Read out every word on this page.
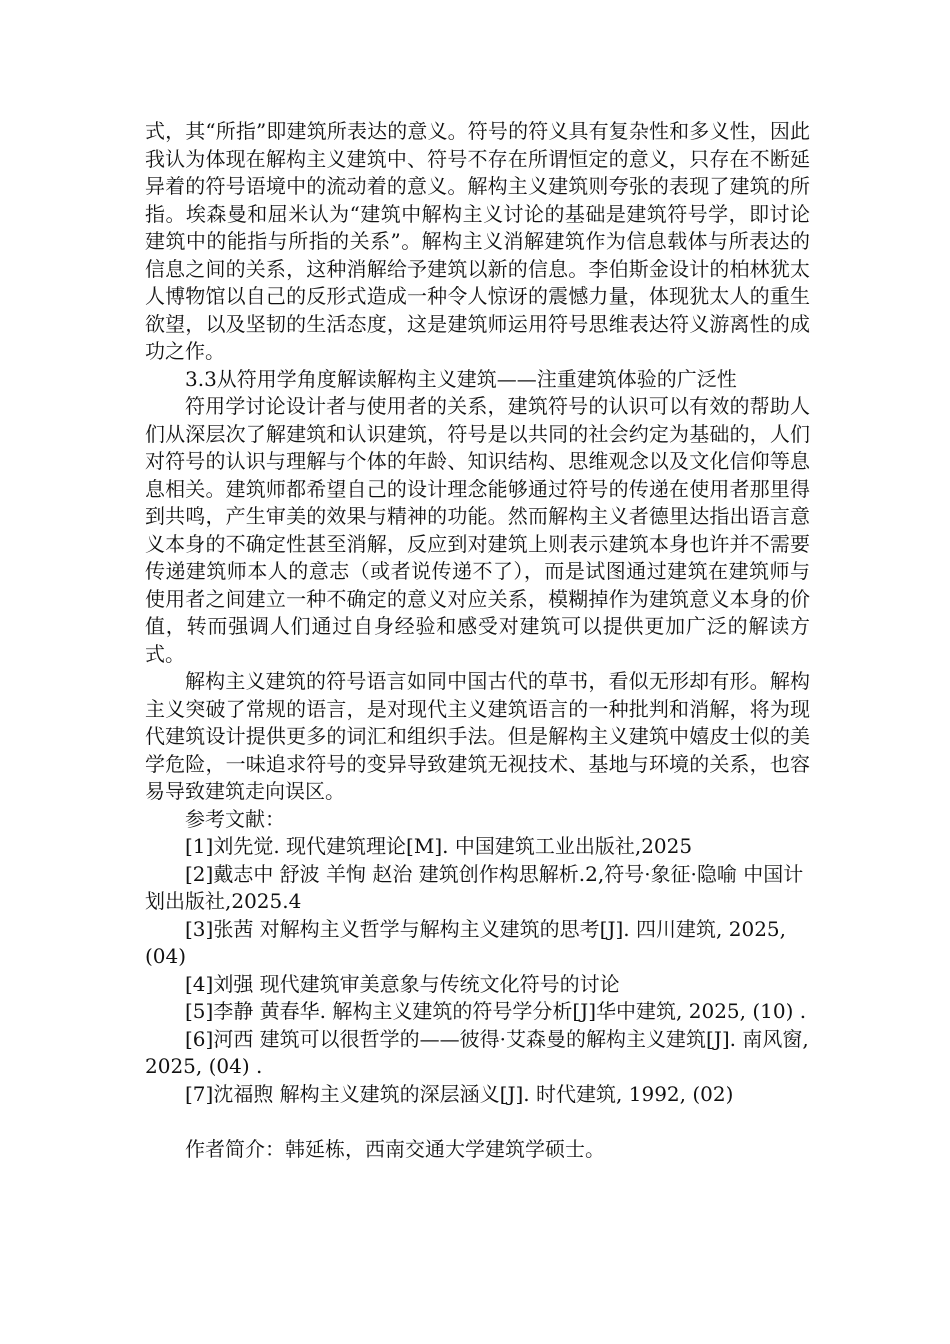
式，其“所指”即建筑所表达的意义。符号的符义具有复杂性和多义性，因此我认为体现在解构主义建筑中、符号不存在所谓恒定的意义，只存在不断延异着的符号语境中的流动着的意义。解构主义建筑则夸张的表现了建筑的所指。埃森曼和屈米认为“建筑中解构主义讨论的基础是建筑符号学，即讨论建筑中的能指与所指的关系”。解构主义消解建筑作为信息载体与所表达的信息之间的关系，这种消解给予建筑以新的信息。李伯斯金设计的柏林犹太人博物馆以自己的反形式造成一种令人惊讶的震憾力量，体现犹太人的重生欲望，以及坚韧的生活态度，这是建筑师运用符号思维表达符义游离性的成功之作。

3.3从符用学角度解读解构主义建筑——注重建筑体验的广泛性

符用学讨论设计者与使用者的关系，建筑符号的认识可以有效的帮助人们从深层次了解建筑和认识建筑，符号是以共同的社会约定为基础的，人们对符号的认识与理解与个体的年龄、知识结构、思维观念以及文化信仰等息息相关。建筑师都希望自己的设计理念能够通过符号的传递在使用者那里得到共鸣，产生审美的效果与精神的功能。然而解构主义者德里达指出语言意义本身的不确定性甚至消解，反应到对建筑上则表示建筑本身也许并不需要传递建筑师本人的意志（或者说传递不了），而是试图通过建筑在建筑师与使用者之间建立一种不确定的意义对应关系，模糊掉作为建筑意义本身的价值，转而强调人们通过自身经验和感受对建筑可以提供更加广泛的解读方式。

解构主义建筑的符号语言如同中国古代的草书，看似无形却有形。解构主义突破了常规的语言，是对现代主义建筑语言的一种批判和消解，将为现代建筑设计提供更多的词汇和组织手法。但是解构主义建筑中嬉皮士似的美学危险，一味追求符号的变异导致建筑无视技术、基地与环境的关系，也容易导致建筑走向误区。

参考文献：

[1]刘先觉. 现代建筑理论[M]. 中国建筑工业出版社,2025

[2]戴志中 舒波 羊恂 赵治 建筑创作构思解析.2,符号·象征·隐喻 中国计划出版社,2025.4

[3]张茜 对解构主义哲学与解构主义建筑的思考[J]. 四川建筑, 2025, (04)

[4]刘强 现代建筑审美意象与传统文化符号的讨论

[5]李静 黄春华. 解构主义建筑的符号学分析[J]华中建筑, 2025, (10) .

[6]河西 建筑可以很哲学的——彼得·艾森曼的解构主义建筑[J]. 南风窗, 2025, (04) .

[7]沈福煦 解构主义建筑的深层涵义[J]. 时代建筑, 1992, (02)

作者简介：韩延栋，西南交通大学建筑学硕士。
